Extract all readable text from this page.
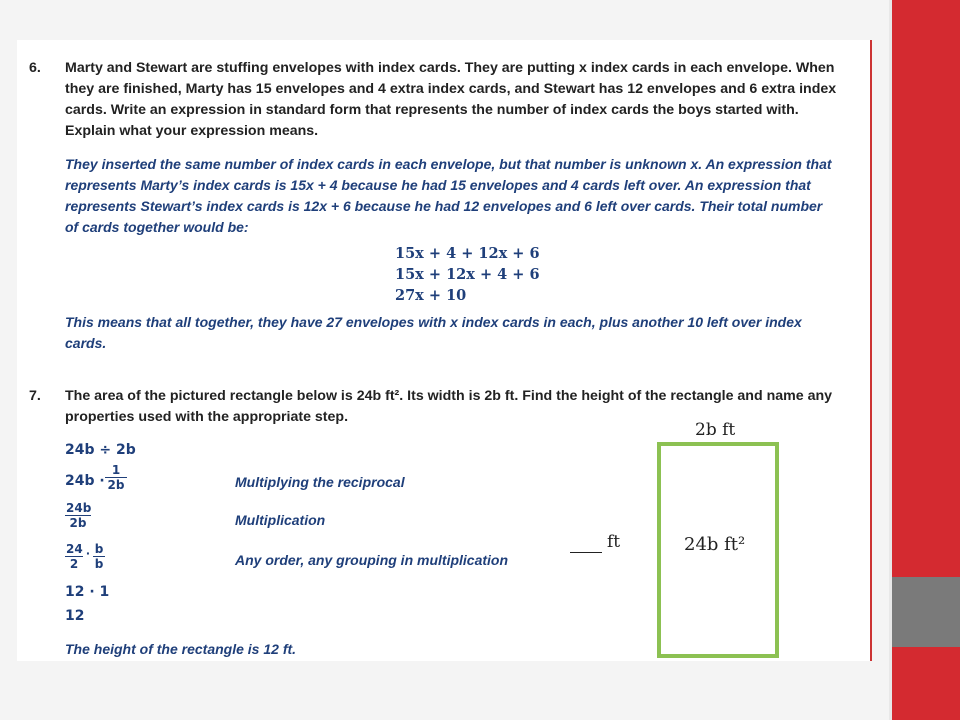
6. Marty and Stewart are stuffing envelopes with index cards. They are putting x index cards in each envelope. When
they are finished, Marty has 15 envelopes and 4 extra index cards, and Stewart has 12 envelopes and 6 extra index
cards. Write an expression in standard form that represents the number of index cards the boys started with.
Explain what your expression means.
They inserted the same number of index cards in each envelope, but that number is unknown x. An expression that
represents Marty’s index cards is 15x + 4 because he had 15 envelopes and 4 cards left over. An expression that
represents Stewart’s index cards is 12x + 6 because he had 12 envelopes and 6 left over cards. Their total number
of cards together would be:
15x + 4 + 12x + 6
15x + 12x + 4 + 6
27x + 10
This means that all together, they have 27 envelopes with x index cards in each, plus another 10 left over index
cards.
7. The area of the pictured rectangle below is 24b ft². Its width is 2b ft. Find the height of the rectangle and name any
properties used with the appropriate step.
24b ÷ 2b
$24b \cdot \frac{1}{2b}$	Multiplying the reciprocal
$\frac{24b}{2b}$	Multiplication
$\frac{24}{2} \cdot \frac{b}{b}$	Any order, any grouping in multiplication
12 · 1
12
The height of the rectangle is 12 ft.
2b ft
24b ft²
ft
